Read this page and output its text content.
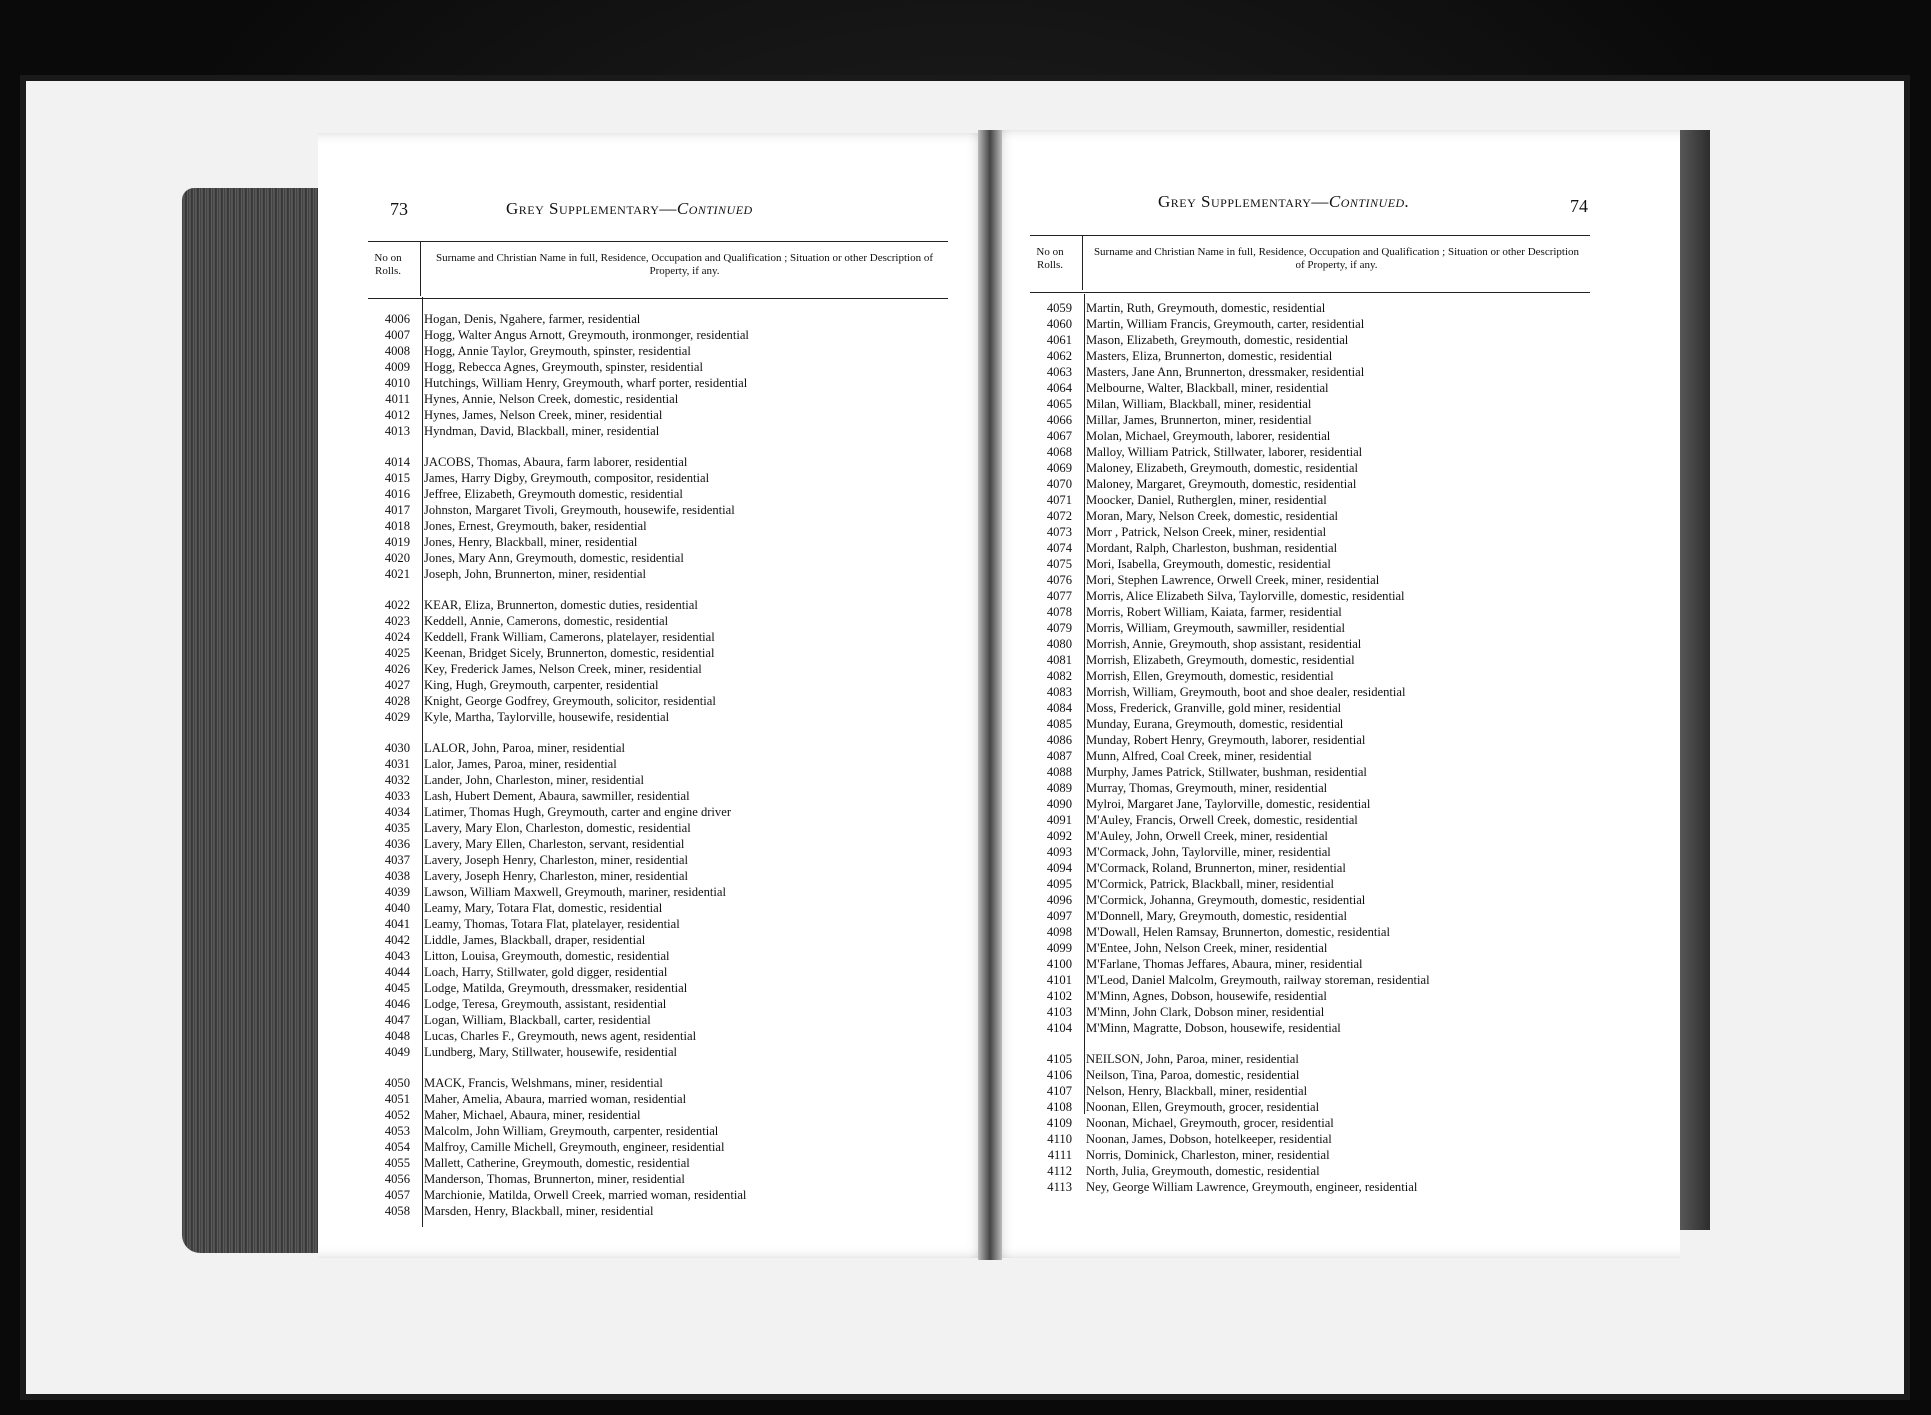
73	Grey Supplementary—Continued
No on Rolls.
Surname and Christian Name in full, Residence, Occupation and Qualification ; Situation or other Description of Property, if any.
4006	Hogan, Denis, Ngahere, farmer, residential
4007	Hogg, Walter Angus Arnott, Greymouth, ironmonger, residential
4008	Hogg, Annie Taylor, Greymouth, spinster, residential
4009	Hogg, Rebecca Agnes, Greymouth, spinster, residential
4010	Hutchings, William Henry, Greymouth, wharf porter, residential
4011	Hynes, Annie, Nelson Creek, domestic, residential
4012	Hynes, James, Nelson Creek, miner, residential
4013	Hyndman, David, Blackball, miner, residential
4014	JACOBS, Thomas, Abaura, farm laborer, residential
4015	James, Harry Digby, Greymouth, compositor, residential
4016	Jeffree, Elizabeth, Greymouth domestic, residential
4017	Johnston, Margaret Tivoli, Greymouth, housewife, residential
4018	Jones, Ernest, Greymouth, baker, residential
4019	Jones, Henry, Blackball, miner, residential
4020	Jones, Mary Ann, Greymouth, domestic, residential
4021	Joseph, John, Brunnerton, miner, residential
4022	KEAR, Eliza, Brunnerton, domestic duties, residential
4023	Keddell, Annie, Camerons, domestic, residential
4024	Keddell, Frank William, Camerons, platelayer, residential
4025	Keenan, Bridget Sicely, Brunnerton, domestic, residential
4026	Key, Frederick James, Nelson Creek, miner, residential
4027	King, Hugh, Greymouth, carpenter, residential
4028	Knight, George Godfrey, Greymouth, solicitor, residential
4029	Kyle, Martha, Taylorville, housewife, residential
4030	LALOR, John, Paroa, miner, residential
4031	Lalor, James, Paroa, miner, residential
4032	Lander, John, Charleston, miner, residential
4033	Lash, Hubert Dement, Abaura, sawmiller, residential
4034	Latimer, Thomas Hugh, Greymouth, carter and engine driver
4035	Lavery, Mary Elon, Charleston, domestic, residential
4036	Lavery, Mary Ellen, Charleston, servant, residential
4037	Lavery, Joseph Henry, Charleston, miner, residential
4038	Lavery, Joseph Henry, Charleston, miner, residential
4039	Lawson, William Maxwell, Greymouth, mariner, residential
4040	Leamy, Mary, Totara Flat, domestic, residential
4041	Leamy, Thomas, Totara Flat, platelayer, residential
4042	Liddle, James, Blackball, draper, residential
4043	Litton, Louisa, Greymouth, domestic, residential
4044	Loach, Harry, Stillwater, gold digger, residential
4045	Lodge, Matilda, Greymouth, dressmaker, residential
4046	Lodge, Teresa, Greymouth, assistant, residential
4047	Logan, William, Blackball, carter, residential
4048	Lucas, Charles F., Greymouth, news agent, residential
4049	Lundberg, Mary, Stillwater, housewife, residential
4050	MACK, Francis, Welshmans, miner, residential
4051	Maher, Amelia, Abaura, married woman, residential
4052	Maher, Michael, Abaura, miner, residential
4053	Malcolm, John William, Greymouth, carpenter, residential
4054	Malfroy, Camille Michell, Greymouth, engineer, residential
4055	Mallett, Catherine, Greymouth, domestic, residential
4056	Manderson, Thomas, Brunnerton, miner, residential
4057	Marchionie, Matilda, Orwell Creek, married woman, residential
4058	Marsden, Henry, Blackball, miner, residential
Grey Supplementary—Continued.	74
No on Rolls.
Surname and Christian Name in full, Residence, Occupation and Qualification ; Situation or other Description of Property, if any.
4059	Martin, Ruth, Greymouth, domestic, residential
4060	Martin, William Francis, Greymouth, carter, residential
4061	Mason, Elizabeth, Greymouth, domestic, residential
4062	Masters, Eliza, Brunnerton, domestic, residential
4063	Masters, Jane Ann, Brunnerton, dressmaker, residential
4064	Melbourne, Walter, Blackball, miner, residential
4065	Milan, William, Blackball, miner, residential
4066	Millar, James, Brunnerton, miner, residential
4067	Molan, Michael, Greymouth, laborer, residential
4068	Malloy, William Patrick, Stillwater, laborer, residential
4069	Maloney, Elizabeth, Greymouth, domestic, residential
4070	Maloney, Margaret, Greymouth, domestic, residential
4071	Moocker, Daniel, Rutherglen, miner, residential
4072	Moran, Mary, Nelson Creek, domestic, residential
4073	Morr , Patrick, Nelson Creek, miner, residential
4074	Mordant, Ralph, Charleston, bushman, residential
4075	Mori, Isabella, Greymouth, domestic, residential
4076	Mori, Stephen Lawrence, Orwell Creek, miner, residential
4077	Morris, Alice Elizabeth Silva, Taylorville, domestic, residential
4078	Morris, Robert William, Kaiata, farmer, residential
4079	Morris, William, Greymouth, sawmiller, residential
4080	Morrish, Annie, Greymouth, shop assistant, residential
4081	Morrish, Elizabeth, Greymouth, domestic, residential
4082	Morrish, Ellen, Greymouth, domestic, residential
4083	Morrish, William, Greymouth, boot and shoe dealer, residential
4084	Moss, Frederick, Granville, gold miner, residential
4085	Munday, Eurana, Greymouth, domestic, residential
4086	Munday, Robert Henry, Greymouth, laborer, residential
4087	Munn, Alfred, Coal Creek, miner, residential
4088	Murphy, James Patrick, Stillwater, bushman, residential
4089	Murray, Thomas, Greymouth, miner, residential
4090	Mylroi, Margaret Jane, Taylorville, domestic, residential
4091	M'Auley, Francis, Orwell Creek, domestic, residential
4092	M'Auley, John, Orwell Creek, miner, residential
4093	M'Cormack, John, Taylorville, miner, residential
4094	M'Cormack, Roland, Brunnerton, miner, residential
4095	M'Cormick, Patrick, Blackball, miner, residential
4096	M'Cormick, Johanna, Greymouth, domestic, residential
4097	M'Donnell, Mary, Greymouth, domestic, residential
4098	M'Dowall, Helen Ramsay, Brunnerton, domestic, residential
4099	M'Entee, John, Nelson Creek, miner, residential
4100	M'Farlane, Thomas Jeffares, Abaura, miner, residential
4101	M'Leod, Daniel Malcolm, Greymouth, railway storeman, residential
4102	M'Minn, Agnes, Dobson, housewife, residential
4103	M'Minn, John Clark, Dobson miner, residential
4104	M'Minn, Magratte, Dobson, housewife, residential
4105	NEILSON, John, Paroa, miner, residential
4106	Neilson, Tina, Paroa, domestic, residential
4107	Nelson, Henry, Blackball, miner, residential
4108	Noonan, Ellen, Greymouth, grocer, residential
4109	Noonan, Michael, Greymouth, grocer, residential
4110	Noonan, James, Dobson, hotelkeeper, residential
4111	Norris, Dominick, Charleston, miner, residential
4112	North, Julia, Greymouth, domestic, residential
4113	Ney, George William Lawrence, Greymouth, engineer, residential
